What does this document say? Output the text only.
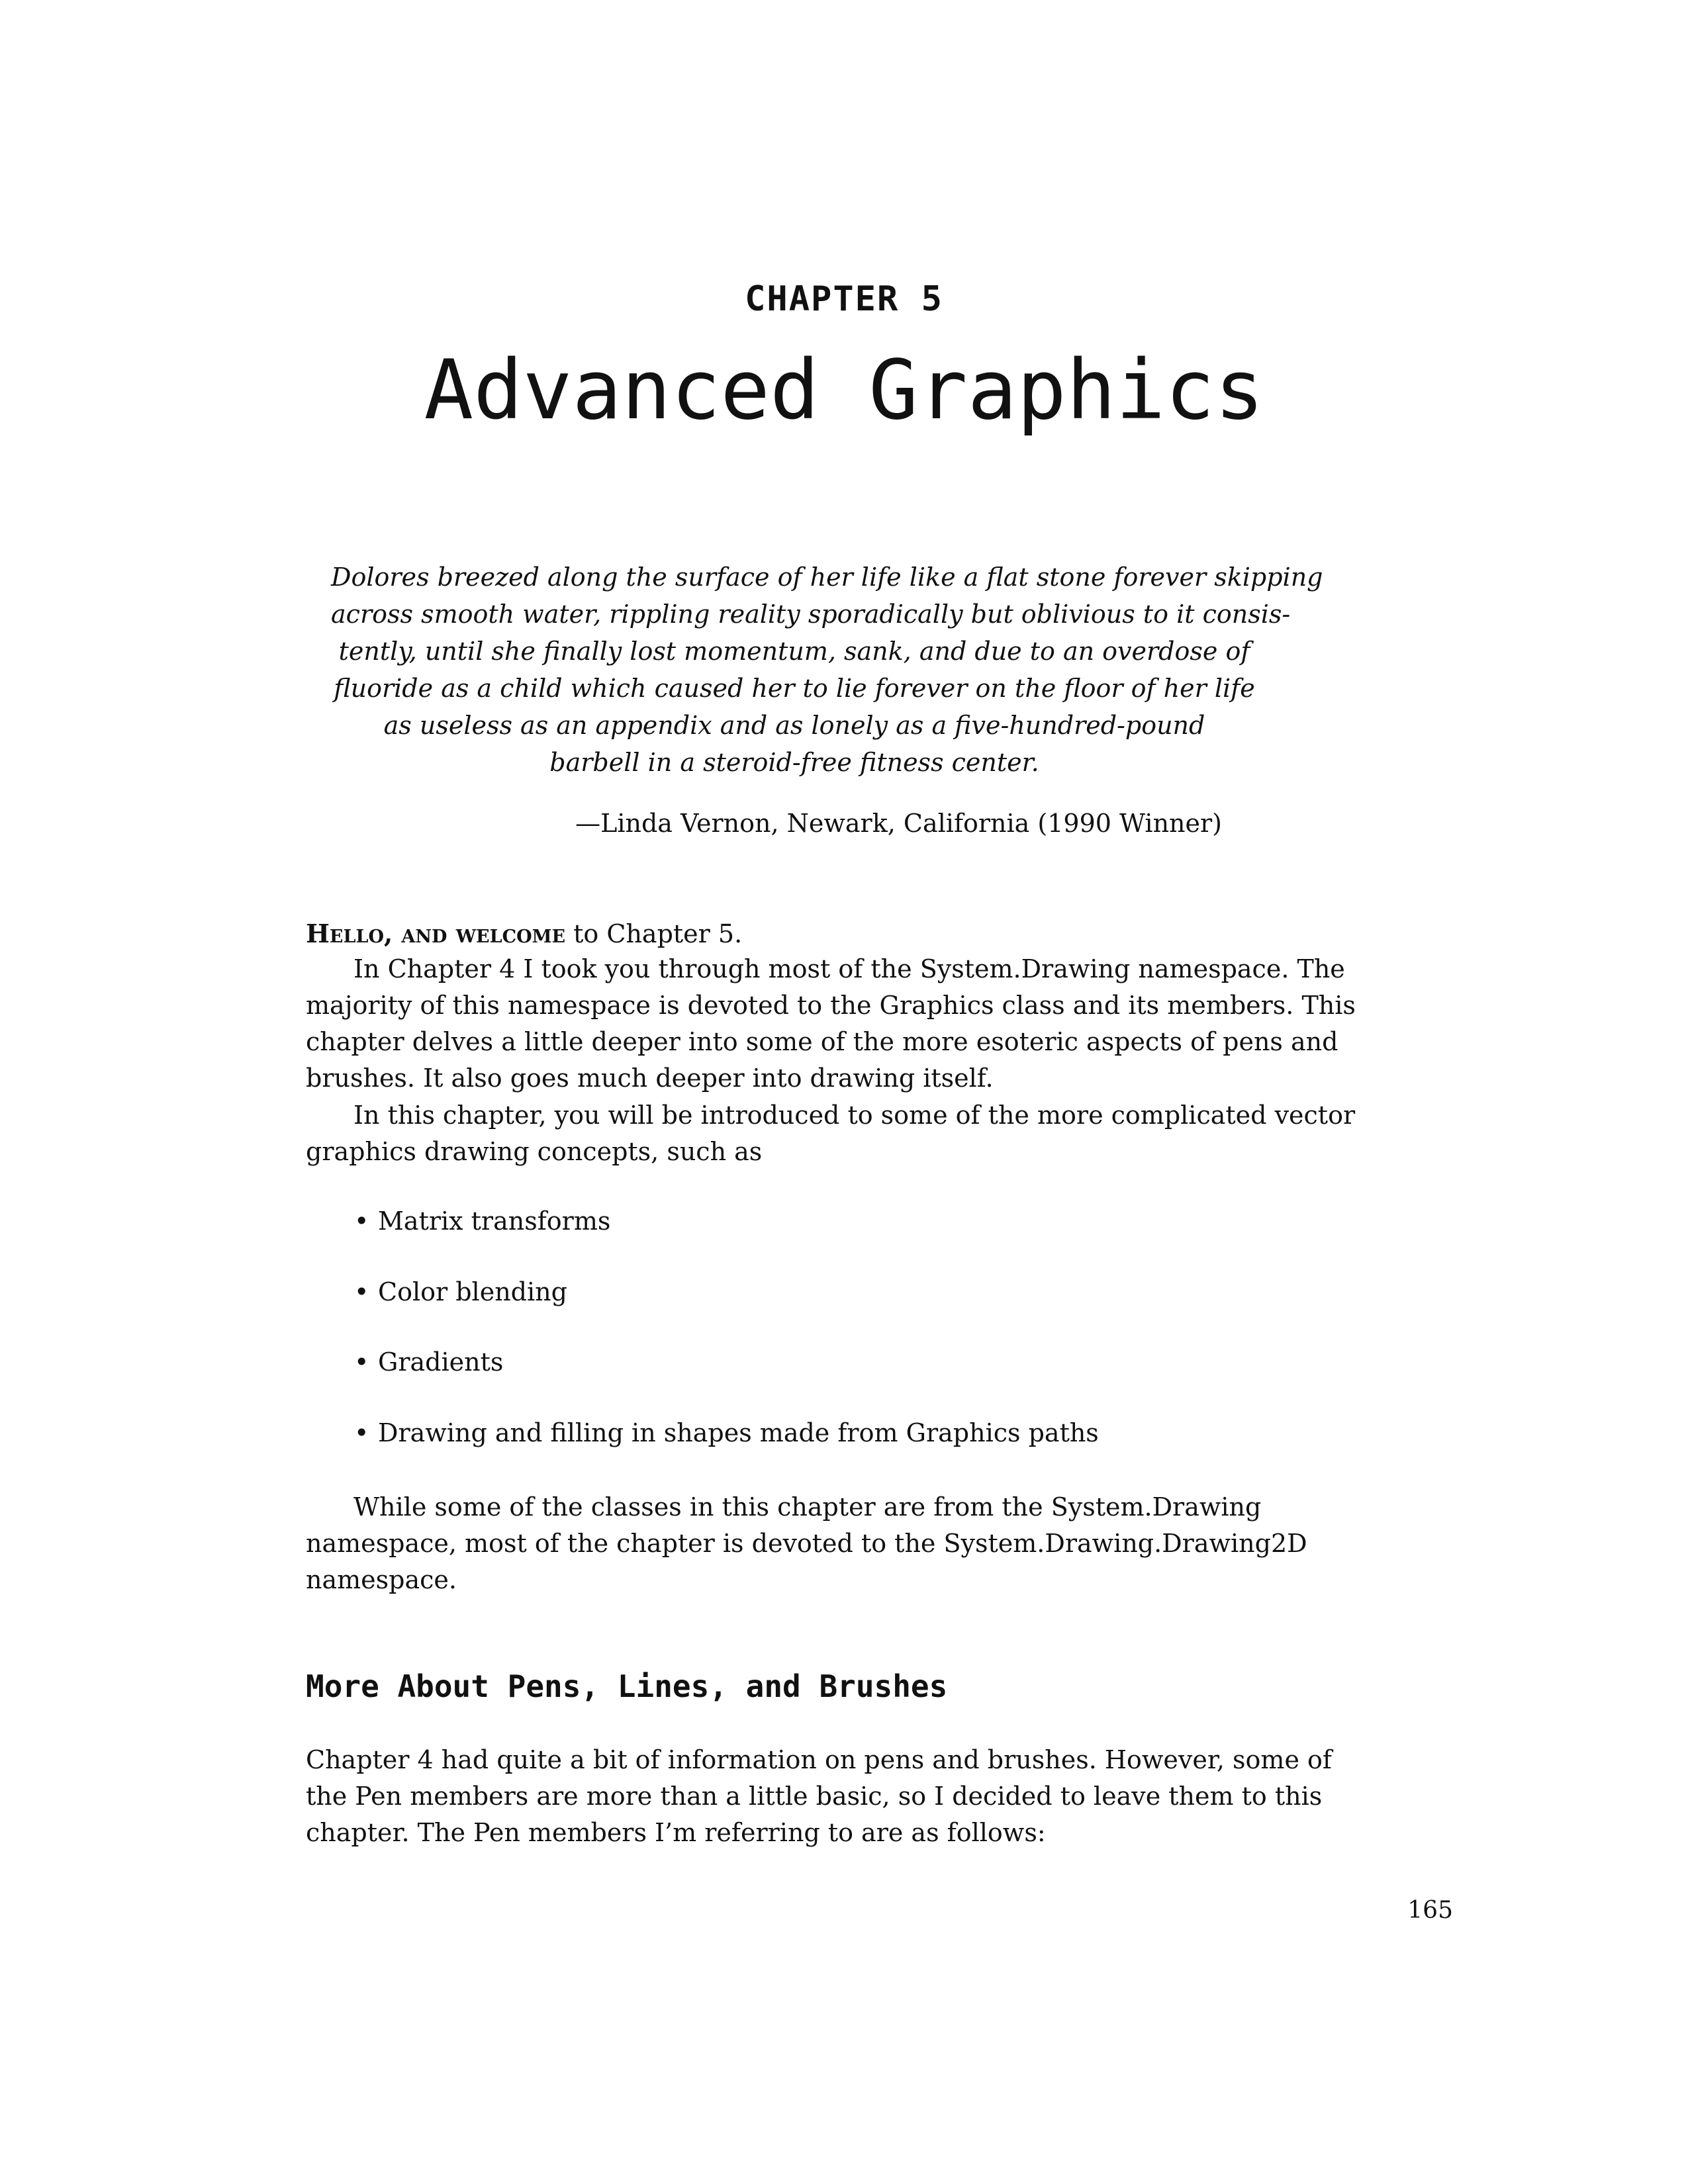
CHAPTER 5
Advanced Graphics
Dolores breezed along the surface of her life like a flat stone forever skipping
across smooth water, rippling reality sporadically but oblivious to it consis-
tently, until she finally lost momentum, sank, and due to an overdose of
fluoride as a child which caused her to lie forever on the floor of her life
as useless as an appendix and as lonely as a five-hundred-pound
barbell in a steroid-free fitness center.
—Linda Vernon, Newark, California (1990 Winner)
Hello, and welcome to Chapter 5.
In Chapter 4 I took you through most of the System.Drawing namespace. The
majority of this namespace is devoted to the Graphics class and its members. This
chapter delves a little deeper into some of the more esoteric aspects of pens and
brushes. It also goes much deeper into drawing itself.
In this chapter, you will be introduced to some of the more complicated vector
graphics drawing concepts, such as
• Matrix transforms
• Color blending
• Gradients
• Drawing and filling in shapes made from Graphics paths
While some of the classes in this chapter are from the System.Drawing
namespace, most of the chapter is devoted to the System.Drawing.Drawing2D
namespace.
More About Pens, Lines, and Brushes
Chapter 4 had quite a bit of information on pens and brushes. However, some of
the Pen members are more than a little basic, so I decided to leave them to this
chapter. The Pen members I’m referring to are as follows:
165
